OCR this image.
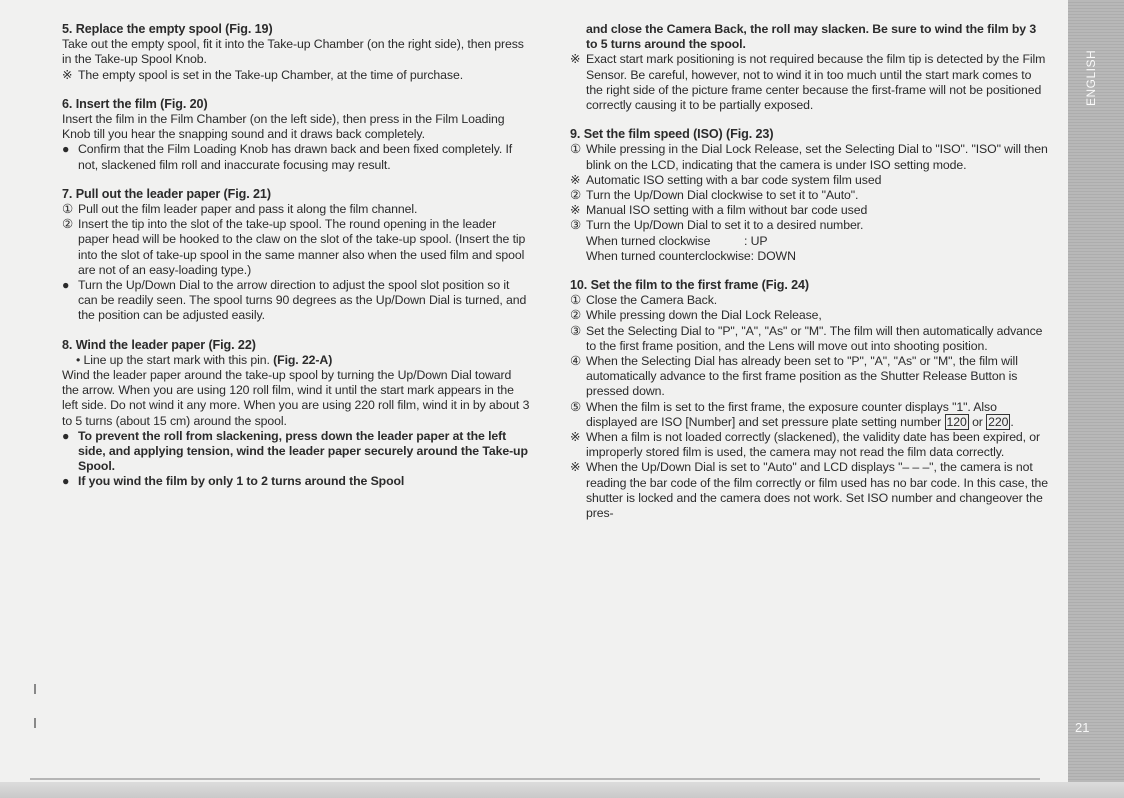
5. Replace the empty spool (Fig. 19)

Take out the empty spool, fit it into the Take-up Chamber (on the right side), then press in the Take-up Spool Knob.

※ The empty spool is set in the Take-up Chamber, at the time of purchase.
6. Insert the film (Fig. 20)

Insert the film in the Film Chamber (on the left side), then press in the Film Loading Knob till you hear the snapping sound and it draws back completely.

● Confirm that the Film Loading Knob has drawn back and been fixed completely. If not, slackened film roll and inaccurate focusing may result.
7. Pull out the leader paper (Fig. 21)
① Pull out the film leader paper and pass it along the film channel.
② Insert the tip into the slot of the take-up spool. The round opening in the leader paper head will be hooked to the claw on the slot of the take-up spool. (Insert the tip into the slot of take-up spool in the same manner also when the used film and spool are not of an easy-loading type.)
● Turn the Up/Down Dial to the arrow direction to adjust the spool slot position so it can be readily seen. The spool turns 90 degrees as the Up/Down Dial is turned, and the position can be adjusted easily.
8. Wind the leader paper (Fig. 22)

• Line up the start mark with this pin. (Fig. 22-A)

Wind the leader paper around the take-up spool by turning the Up/Down Dial toward the arrow. When you are using 120 roll film, wind it until the start mark appears in the left side. Do not wind it any more. When you are using 220 roll film, wind it in by about 3 to 5 turns (about 15 cm) around the spool.

● To prevent the roll from slackening, press down the leader paper at the left side, and applying tension, wind the leader paper securely around the Take-up Spool.
● If you wind the film by only 1 to 2 turns around the Spool

and close the Camera Back, the roll may slacken. Be sure to wind the film by 3 to 5 turns around the spool.

※ Exact start mark positioning is not required because the film tip is detected by the Film Sensor. Be careful, however, not to wind it in too much until the start mark comes to the right side of the picture frame center because the first-frame will not be positioned correctly causing it to be partially exposed.
9. Set the film speed (ISO) (Fig. 23)
① While pressing in the Dial Lock Release, set the Selecting Dial to "ISO". "ISO" will then blink on the LCD, indicating that the camera is under ISO setting mode.
※ Automatic ISO setting with a bar code system film used
② Turn the Up/Down Dial clockwise to set it to "Auto".
※ Manual ISO setting with a film without bar code used
③ Turn the Up/Down Dial to set it to a desired number.
When turned clockwise	: UP
When turned counterclockwise:
DOWN
10. Set the film to the first frame (Fig. 24)
① Close the Camera Back.
② While pressing down the Dial Lock Release,
③ Set the Selecting Dial to "P", "A", "As" or "M". The film will then automatically advance to the first frame position, and the Lens will move out into shooting position.
④ When the Selecting Dial has already been set to "P", "A", "As" or "M", the film will automatically advance to the first frame position as the Shutter Release Button is pressed down.
⑤ When the film is set to the first frame, the exposure counter displays "1". Also displayed are ISO [Number] and set pressure plate setting number 120 or 220 .
※ When a film is not loaded correctly (slackened), the validity date has been expired, or improperly stored film is used, the camera may not read the film data correctly.
※ When the Up/Down Dial is set to "Auto" and LCD displays "– – –", the camera is not reading the bar code of the film correctly or film used has no bar code. In this case, the shutter is locked and the camera does not work. Set ISO number and changeover the pres-
ENGLISH
21
